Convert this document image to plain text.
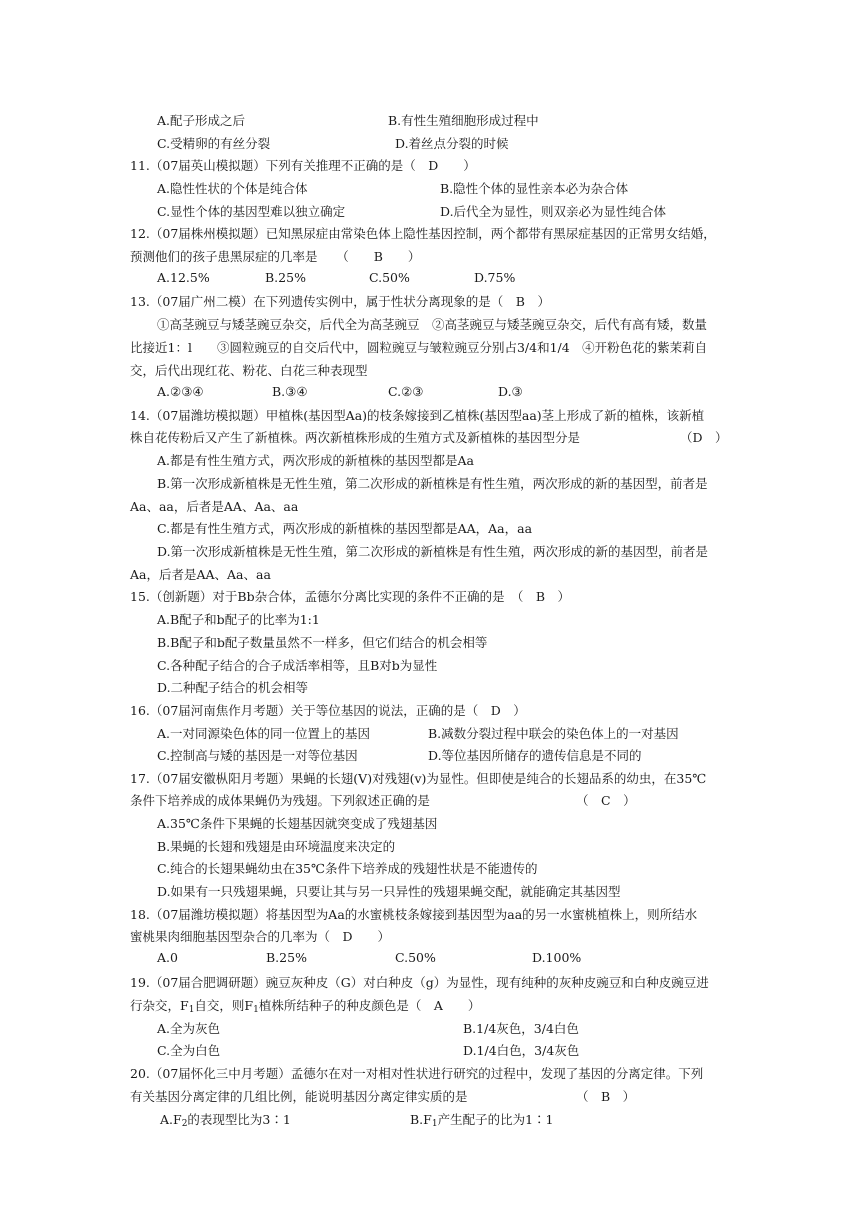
A.配子形成之后	B.有性生殖细胞形成过程中
C.受精卵的有丝分裂	D.着丝点分裂的时候
11.（07届英山模拟题）下列有关推理不正确的是（　D　　）
A.隐性性状的个体是纯合体	B.隐性个体的显性亲本必为杂合体
C.显性个体的基因型难以独立确定	D.后代全为显性，则双亲必为显性纯合体
12.（07届株州模拟题）已知黑尿症由常染色体上隐性基因控制，两个都带有黑尿症基因的正常男女结婚，
预测他们的孩子患黑尿症的几率是　　（　　B　　）
A.12.5%	B.25%	C.50%	D.75%
13.（07届广州二模）在下列遗传实例中，属于性状分离现象的是（　B　）
①高茎豌豆与矮茎豌豆杂交，后代全为高茎豌豆　②高茎豌豆与矮茎豌豆杂交，后代有高有矮，数量
比接近1：l　　③圆粒豌豆的自交后代中，圆粒豌豆与皱粒豌豆分别占3/4和1/4　④开粉色花的紫茉莉自
交，后代出现红花、粉花、白花三种表现型
A.②③④	B.③④	C.②③	D.③
14.（07届潍坊模拟题）甲植株(基因型Aa)的枝条嫁接到乙植株(基因型aa)茎上形成了新的植株，该新植
株自花传粉后又产生了新植株。两次新植株形成的生殖方式及新植株的基因型分是	（D　）
A.都是有性生殖方式，两次形成的新植株的基因型都是Aa
B.第一次形成新植株是无性生殖，第二次形成的新植株是有性生殖，两次形成的新的基因型，前者是
Aa、aa，后者是AA、Aa、aa
C.都是有性生殖方式，两次形成的新植株的基因型都是AA，Aa，aa
D.第一次形成新植株是无性生殖，第二次形成的新植株是有性生殖，两次形成的新的基因型，前者是
Aa，后者是AA、Aa、aa
15.（创新题）对于Bb杂合体，孟德尔分离比实现的条件不正确的是　（　B　）
A.B配子和b配子的比率为1:1
B.B配子和b配子数量虽然不一样多，但它们结合的机会相等
C.各种配子结合的合子成活率相等，且B对b为显性
D.二种配子结合的机会相等
16.（07届河南焦作月考题）关于等位基因的说法，正确的是（　D　）
A.一对同源染色体的同一位置上的基因	B.减数分裂过程中联会的染色体上的一对基因
C.控制高与矮的基因是一对等位基因	D.等位基因所储存的遗传信息是不同的
17.（07届安徽枞阳月考题）果蝇的长翅(V)对残翅(v)为显性。但即使是纯合的长翅品系的幼虫，在35℃
条件下培养成的成体果蝇仍为残翅。下列叙述正确的是	（　C　）
A.35℃条件下果蝇的长翅基因就突变成了残翅基因
B.果蝇的长翅和残翅是由环境温度来决定的
C.纯合的长翅果蝇幼虫在35℃条件下培养成的残翅性状是不能遗传的
D.如果有一只残翅果蝇，只要让其与另一只异性的残翅果蝇交配，就能确定其基因型
18.（07届潍坊模拟题）将基因型为Aa的水蜜桃枝条嫁接到基因型为aa的另一水蜜桃植株上，则所结水
蜜桃果肉细胞基因型杂合的几率为（　D　　）
A.0	B.25%	C.50%	D.100%
19.（07届合肥调研题）豌豆灰种皮（G）对白种皮（g）为显性，现有纯种的灰种皮豌豆和白种皮豌豆进
行杂交，$F_1$自交，则$F_1$植株所结种子的种皮颜色是（　A　　）
A.全为灰色	B.1/4灰色，3/4白色
C.全为白色	D.1/4白色，3/4灰色
20.（07届怀化三中月考题）孟德尔在对一对相对性状进行研究的过程中，发现了基因的分离定律。下列
有关基因分离定律的几组比例，能说明基因分离定律实质的是	（　B　）
$A.F_2$的表现型比为3∶1	$B.F_1$产生配子的比为1∶1
